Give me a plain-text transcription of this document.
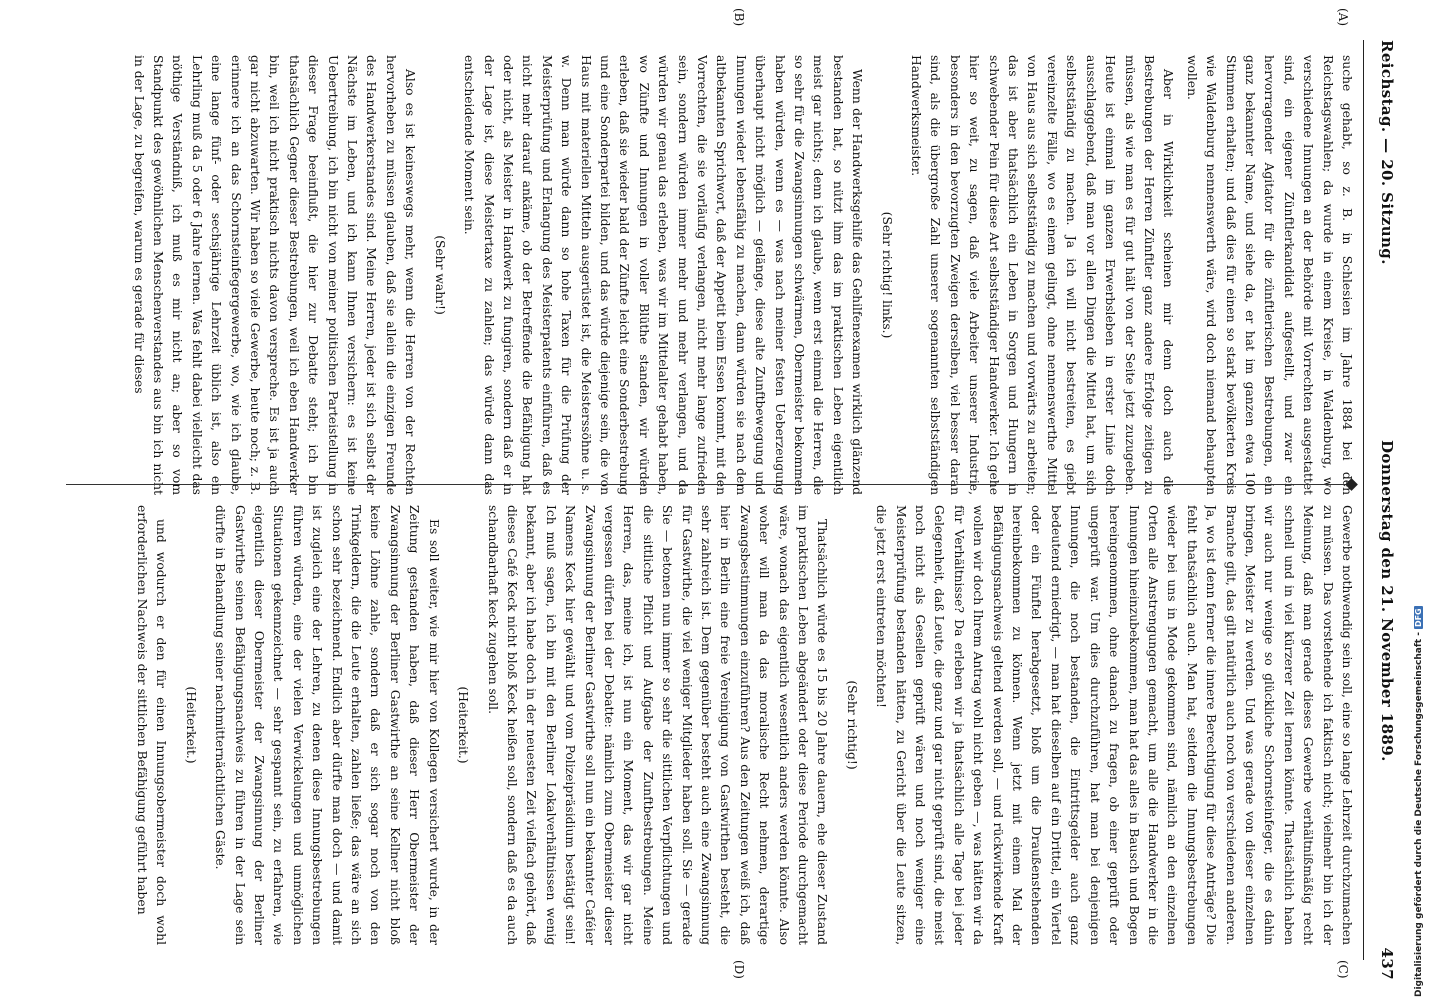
Reichstag. — 20. Sitzung.
Donnerstag den 21. November 1889.
437
(A)
(B)
(C)
(D)

suche gehabt, so z. B. in Schlesien im Jahre 1884 bei den Reichstagswahlen; da wurde in einem Kreise, in Waldenburg, wo verschiedene Innungen an der Behörde mit Vorrechten ausgestattet sind, ein eigener Zünftlerkandidat aufgestellt, und zwar ein hervorragender Agitator für die zünftlerischen Bestrebungen, ein ganz bekannter Name, und siehe da, er hat im ganzen etwa 100 Stimmen erhalten; und daß dies für einen so stark bevölkerten Kreis wie Waldenburg nennenswerth wäre, wird doch niemand behaupten wollen.

Aber in Wirklichkeit scheinen mir denn doch auch die Bestrebungen der Herren Zünftler ganz andere Erfolge zeitigen zu müssen, als wie man es für gut hält von der Seite jetzt zuzugeben. Heute ist einmal im ganzen Erwerbsleben in erster Linie doch ausschlaggebend, daß man vor allen Dingen die Mittel hat, um sich selbstständig zu machen. Ja ich will nicht bestreiten, es giebt vereinzelte Fälle, wo es einem gelingt, ohne nennenswerthe Mittel von Haus aus sich selbstständig zu machen und vorwärts zu arbeiten; das ist aber thatsächlich ein Leben in Sorgen und Hungern in schwebender Pein für diese Art selbstständiger Handwerker. Ich gehe hier so weit, zu sagen, daß viele Arbeiter unserer Industrie, besonders in den bevorzugten Zweigen derselben, viel besser daran sind, als die übergroße Zahl unserer sogenannten selbstständigen Handwerksmeister.

(Sehr richtig! links.)

Wenn der Handwerksgehilfe das Gehilfenexamen wirklich glänzend bestanden hat, so nützt ihm das im praktischen Leben eigentlich meist gar nichts; denn ich glaube, wenn erst einmal die Herren, die so sehr für die Zwangsinnungen schwärmen, Obermeister bekommen haben würden, wenn es — was nach meiner festen Ueberzeugung überhaupt nicht möglich — gelänge, diese alte Zunftbewegung und Innungen wieder lebensfähig zu machen, dann würden sie nach dem altbekannten Sprichwort, daß der Appetit beim Essen kommt, mit den Vorrechten, die sie vorläufig verlangen, nicht mehr lange zufrieden sein, sondern würden immer mehr und mehr verlangen, und da würden wir genau das erleben, was wir im Mittelalter gehabt haben, wo Zünfte und Innungen in voller Blüthe standen, wir würden erleben, daß sie wieder bald der Zünfte leicht eine Sonderbestrebung und eine Sonderpartei bilden, und das würde diejenige sein, die von Haus mit materiellen Mitteln ausgerüstet ist, die Meisterssöhne u. s. w. Denn man würde dann so hohe Taxen für die Prüfung der Meisterprüfung und Erlangung des Meisterpatents einführen, daß es nicht mehr darauf ankäme, ob der Betreffende die Befähigung hat oder nicht, als Meister in Handwerk zu fungiren, sondern daß er in der Lage ist, diese Meistertaxe zu zahlen; das würde dann das entscheidende Moment sein.

(Sehr wahr!)

Also es ist keineswegs mehr, wenn die Herren von der Rechten hervorheben zu müssen glauben, daß sie allein die einzigen Freunde des Handwerkerstandes sind. Meine Herren, jeder ist sich selbst der Nächste im Leben, und ich kann Ihnen versichern: es ist keine Uebertreibung, ich bin nicht von meiner politischen Parteistellung in dieser Frage beeinflußt, die hier zur Debatte steht; ich bin thatsächlich Gegner dieser Bestrebungen, weil ich eben Handwerker bin, weil ich nicht praktisch nichts davon verspreche. Es ist ja auch gar nicht abzuwarten. Wir haben so viele Gewerbe, heute noch; z. B. erinnere ich an das Schornsteinfegergewerbe, wo, wie ich glaube, eine lange fünf- oder sechsjährige Lehrzeit üblich ist, also ein Lehrling muß da 5 oder 6 Jahre lernen. Was fehlt dabei vielleicht das nöthige Verständniß, ich muß es mir nicht an; aber so vom Standpunkt des gewöhnlichen Menschenverstandes aus bin ich nicht in der Lage, zu begreifen, warum es gerade für dieses

Gewerbe nothwendig sein soll, eine so lange Lehrzeit durchzumachen zu müssen. Das vorstehende ich faktisch nicht; vielmehr bin ich der Meinung, daß man gerade dieses Gewerbe verhältnißmäßig recht schnell und in viel kürzerer Zeit lernen könnte. Thatsächlich haben wir auch nur wenige so glückliche Schornsteinfeger, die es dahin bringen, Meister zu werden. Und was gerade von dieser einzelnen Branche gilt, das gilt natürlich auch noch von verschiedenen anderen. Ja, wo ist denn ferner die innere Berechtigung für diese Anträge? Die fehlt thatsächlich auch. Man hat, seitdem die Innungsbestrebungen wieder bei uns in Mode gekommen sind, nämlich an den einzelnen Orten alle Anstrengungen gemacht, um alle die Handwerker in die Innungen hineinzubekommen, man hat das alles in Bausch und Bogen hereingenommen, ohne danach zu fragen, ob einer geprüft oder ungeprüft war. Um dies durchzuführen, hat man bei denjenigen Innungen, die noch bestanden, die Eintrittsgelder auch ganz bedeutend erniedrigt, — man hat dieselben auf ein Drittel, ein Viertel oder ein Fünftel herabgesetzt, bloß um die Draußenstehenden hereinbekommen zu können. Wenn jetzt mit einem Mal der Befähigungsnachweis geltend werden soll, — und rückwirkende Kraft wollen wir doch Ihrem Antrag wohl nicht geben —, was hätten wir da für Verhältnisse? Da erleben wir ja thatsächlich alle Tage bei jeder Gelegenheit, daß Leute, die ganz und gar nicht geprüft sind, die meist noch nicht als Gesellen geprüft wären und noch weniger eine Meisterprüfung bestanden hätten, zu Gericht über die Leute sitzen, die jetzt erst eintreten möchten!

(Sehr richtig!)

Thatsächlich würde es 15 bis 20 Jahre dauern, ehe dieser Zustand im praktischen Leben abgeändert oder diese Periode durchgemacht wäre, wonach das eigentlich wesentlich anders werden könnte. Also woher will man da das moralische Recht nehmen, derartige Zwangsbestimmungen einzuführen? Aus den Zeitungen weiß ich, daß hier in Berlin eine freie Vereinigung von Gastwirthen besteht, die sehr zahlreich ist. Dem gegenüber besteht auch eine Zwangsinnung für Gastwirthe, die viel weniger Mitglieder haben soll. Sie — gerade Sie — betonen nun immer so sehr die sittlichen Verpflichtungen und die sittliche Pflicht und Aufgabe der Zunftbestrebungen. Meine Herren, das, meine ich, ist nun ein Moment, das wir gar nicht vergessen dürfen bei der Debatte: nämlich zum Obermeister dieser Zwangsinnung der Berliner Gastwirthe soll nun ein bekannter Caféier Namens Keck hier gewählt und vom Polizeipräsidium bestätigt sein! Ich muß sagen, ich bin mit den Berliner Lokalverhältnissen wenig bekannt, aber ich habe doch in der neuesten Zeit vielfach gehört, daß dieses Café Keck nicht bloß Keck heißen soll, sondern daß es da auch schandbarhaft keck zugehen soll.

(Heiterkeit.)

Es soll weiter, wie mir hier von Kollegen versichert wurde, in der Zeitung gestanden haben, daß dieser Herr Obermeister der Zwangsinnung der Berliner Gastwirthe an seine Kellner nicht bloß keine Löhne zahle, sondern daß er sich sogar noch von den Trinkgeldern, die die Leute erhalten, zahlen ließe; das wäre an sich schon sehr bezeichnend. Endlich aber dürfte man doch — und damit ist zugleich eine der Lehren, zu denen diese Innungsbestrebungen führen würden, eine der vielen Verwickelungen und unmöglichen Situationen gekennzeichnet — sehr gespannt sein, zu erfahren, wie eigentlich dieser Obermeister der Zwangsinnung der Berliner Gastwirthe seinen Befähigungsnachweis zu führen in der Lage sein dürfte in Behandlung seiner nachmitternächtlichen Gäste.

(Heiterkeit.)

und wodurch er den für einen Innungsobermeister doch wohl erforderlichen Nachweis der sittlichen Befähigung geführt haben	Digitalisierung gefördert durch die Deutsche Forschungsgemeinschaft -DFG
